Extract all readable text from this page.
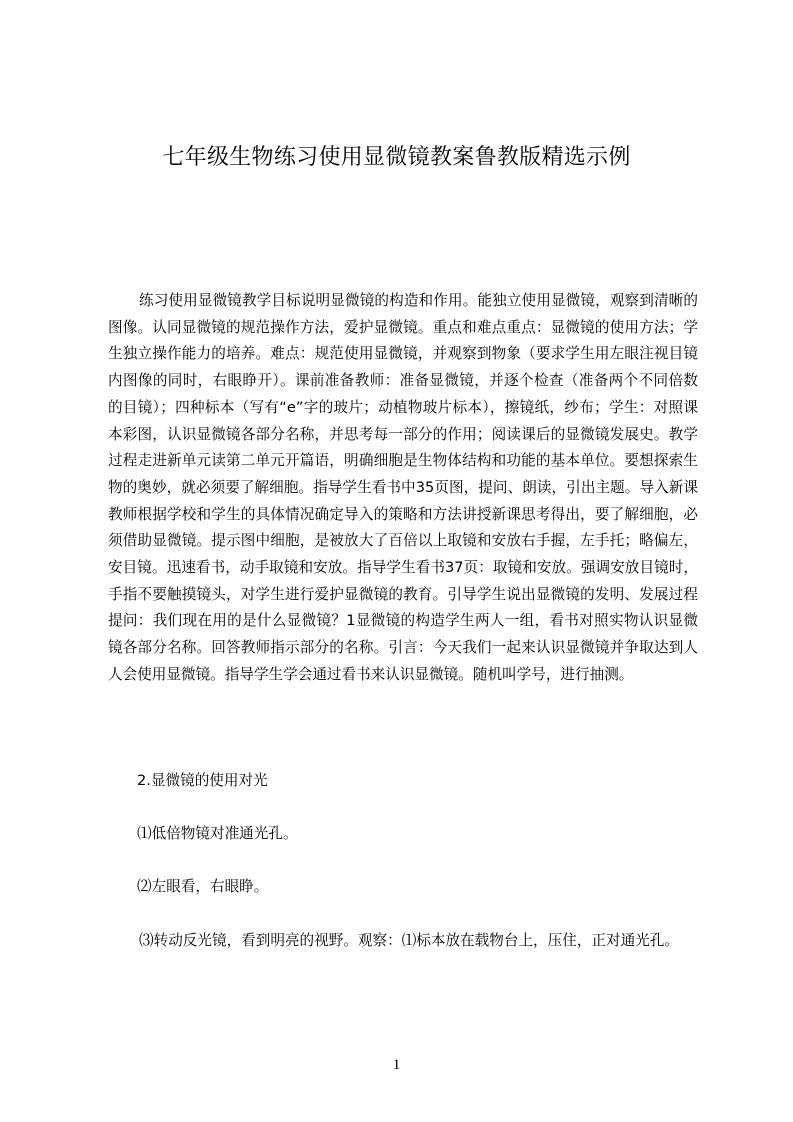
七年级生物练习使用显微镜教案鲁教版精选示例

练习使用显微镜教学目标说明显微镜的构造和作用。能独立使用显微镜，观察到清晰的图像。认同显微镜的规范操作方法，爱护显微镜。重点和难点重点：显微镜的使用方法；学生独立操作能力的培养。难点：规范使用显微镜，并观察到物象（要求学生用左眼注视目镜内图像的同时，右眼睁开）。课前准备教师：准备显微镜，并逐个检查（准备两个不同倍数的目镜）；四种标本（写有“e”字的玻片；动植物玻片标本），擦镜纸，纱布；学生：对照课本彩图，认识显微镜各部分名称，并思考每一部分的作用；阅读课后的显微镜发展史。教学过程走进新单元读第二单元开篇语，明确细胞是生物体结构和功能的基本单位。要想探索生物的奥妙，就必须要了解细胞。指导学生看书中35页图，提问、朗读，引出主题。导入新课教师根据学校和学生的具体情况确定导入的策略和方法讲授新课思考得出，要了解细胞，必须借助显微镜。提示图中细胞，是被放大了百倍以上取镜和安放右手握，左手托；略偏左，安目镜。迅速看书，动手取镜和安放。指导学生看书37页：取镜和安放。强调安放目镜时，手指不要触摸镜头，对学生进行爱护显微镜的教育。引导学生说出显微镜的发明、发展过程提问：我们现在用的是什么显微镜？1显微镜的构造学生两人一组，看书对照实物认识显微镜各部分名称。回答教师指示部分的名称。引言：今天我们一起来认识显微镜并争取达到人人会使用显微镜。指导学生学会通过看书来认识显微镜。随机叫学号，进行抽测。

2.显微镜的使用对光

⑴低倍物镜对准通光孔。

⑵左眼看，右眼睁。

⑶转动反光镜，看到明亮的视野。观察：⑴标本放在载物台上，压住，正对通光孔。

1
